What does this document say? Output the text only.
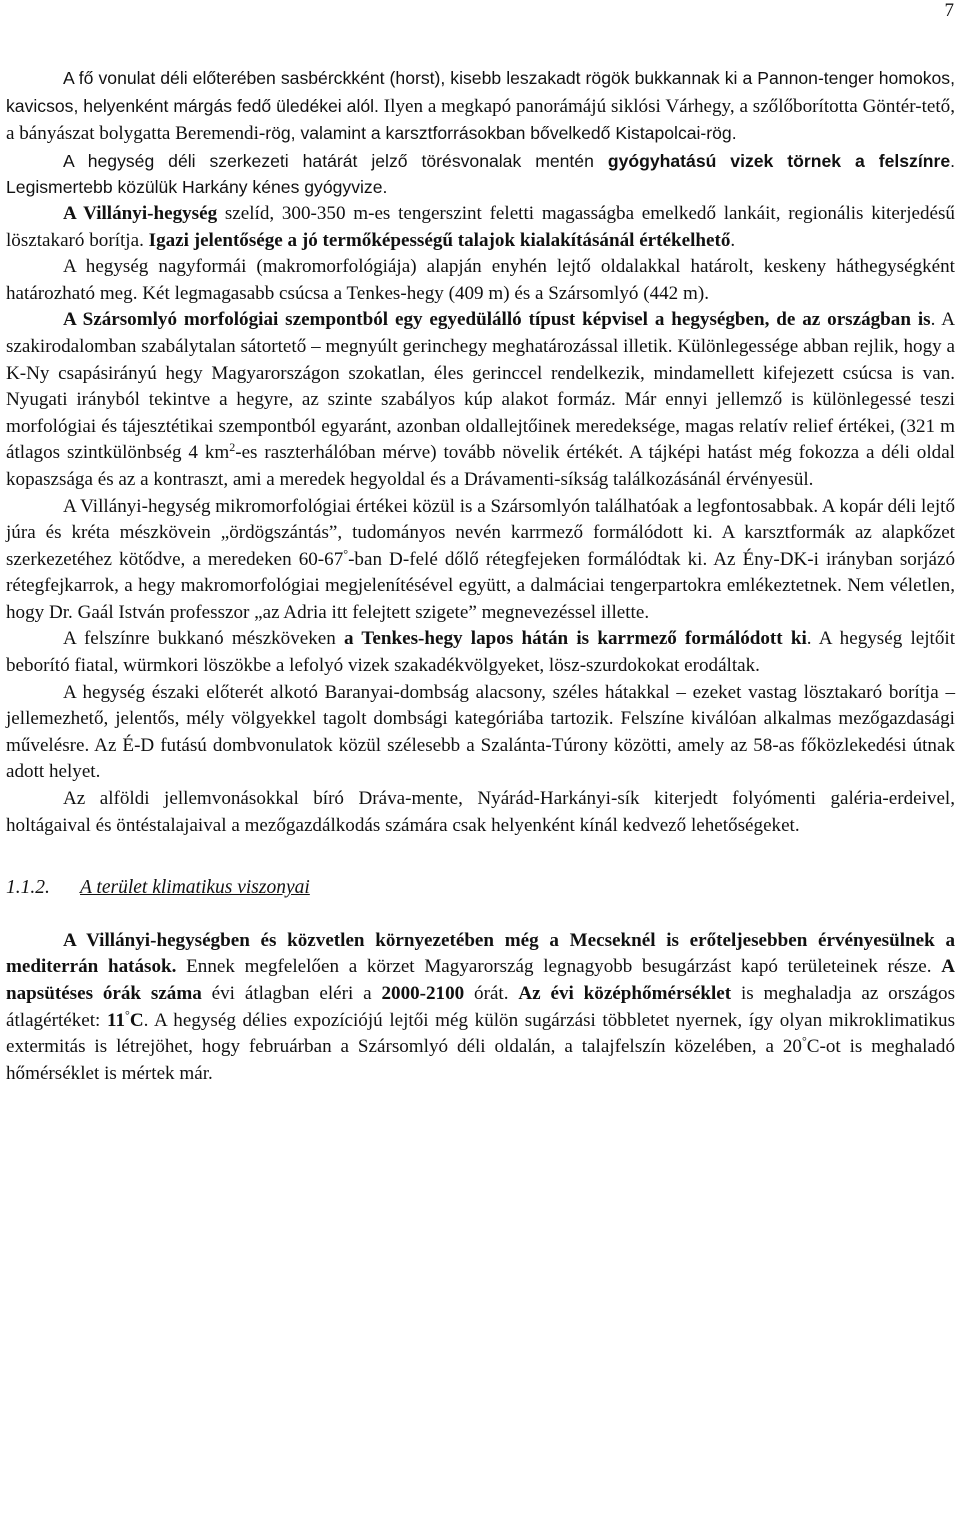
7

A fő vonulat déli előterében sasbérckként (horst), kisebb leszakadt rögök bukkannak ki a Pannon-tenger homokos, kavicsos, helyenként márgás fedő üledékei alól. Ilyen a megkapó panorámájú siklósi Várhegy, a szőlőborította Göntér-tető, a bányászat bolygatta Beremendi-rög, valamint a karsztforrásokban bővelkedő Kistapolcai-rög.

A hegység déli szerkezeti határát jelző törésvonalak mentén gyógyhatású vizek törnek a felszínre. Legismertebb közülük Harkány kénes gyógyvize.

A Villányi-hegység szelíd, 300-350 m-es tengerszint feletti magasságba emelkedő lankáit, regionális kiterjedésű lösztakaró borítja. Igazi jelentősége a jó termőképességű talajok kialakításánál értékelhető.

A hegység nagyformái (makromorfológiája) alapján enyhén lejtő oldalakkal határolt, keskeny háthegységként határozható meg. Két legmagasabb csúcsa a Tenkes-hegy (409 m) és a Szársomlyó (442 m).

A Szársomlyó morfológiai szempontból egy egyedülálló típust képvisel a hegységben, de az országban is. A szakirodalomban szabálytalan sátortető – megnyúlt gerinchegy meghatározással illetik. Különlegessége abban rejlik, hogy a K-Ny csapásirányú hegy Magyarországon szokatlan, éles gerinccel rendelkezik, mindamellett kifejezett csúcsa is van. Nyugati irányból tekintve a hegyre, az szinte szabályos kúp alakot formáz. Már ennyi jellemző is különlegessé teszi morfológiai és tájesztétikai szempontból egyaránt, azonban oldallejtőinek meredeksége, magas relatív relief értékei, (321 m átlagos szintkülönbség 4 $km^2-es$ raszterhálóban mérve) tovább növelik értékét. A tájképi hatást még fokozza a déli oldal kopaszsága és az a kontraszt, ami a meredek hegyoldal és a Drávamenti-síkság találkozásánál érvényesül.

A Villányi-hegység mikromorfológiai értékei közül is a Szársomlyón találhatóak a legfontosabbak. A kopár déli lejtő júra és kréta mészkövein „ördögszántás”, tudományos nevén karrmező formálódott ki. A karsztformák az alapkőzet szerkezetéhez kötődve, a meredeken 60-67°-ban D-felé dőlő rétegfejeken formálódtak ki. Az Ény-DK-i irányban sorjázó rétegfejkarrok, a hegy makromorfológiai megjelenítésével együtt, a dalmáciai tengerpartokra emlékeztetnek. Nem véletlen, hogy Dr. Gaál István professzor „az Adria itt felejtett szigete” megnevezéssel illette.

A felszínre bukkanó mészköveken a Tenkes-hegy lapos hátán is karrmező formálódott ki. A hegység lejtőit beborító fiatal, würmkori löszökbe a lefolyó vizek szakadékvölgyeket, lösz-szurdokokat erodáltak.

A hegység északi előterét alkotó Baranyai-dombság alacsony, széles hátakkal – ezeket vastag lösztakaró borítja – jellemezhető, jelentős, mély völgyekkel tagolt dombsági kategóriába tartozik. Felszíne kiválóan alkalmas mezőgazdasági művelésre. Az É-D futású dombvonulatok közül szélesebb a Szalánta-Túrony közötti, amely az 58-as főközlekedési útnak adott helyet.

Az alföldi jellemvonásokkal bíró Dráva-mente, Nyárád-Harkányi-sík kiterjedt folyómenti galéria-erdeivel, holtágaival és öntéstalajaival a mezőgazdálkodás számára csak helyenként kínál kedvező lehetőségeket.

1.1.2. A terület klimatikus viszonyai

A Villányi-hegységben és közvetlen környezetében még a Mecseknél is erőteljesebben érvényesülnek a mediterrán hatások. Ennek megfelelően a körzet Magyarország legnagyobb besugárzást kapó területeinek része. A napsütéses órák száma évi átlagban eléri a 2000-2100 órát. Az évi középhőmérséklet is meghaladja az országos átlagértéket: 11°C. A hegység délies expozíciójú lejtői még külön sugárzási többletet nyernek, így olyan mikroklimatikus extermitás is létrejöhet, hogy februárban a Szársomlyó déli oldalán, a talajfelszín közelében, a 20°C-ot is meghaladó hőmérséklet is mértek már.
